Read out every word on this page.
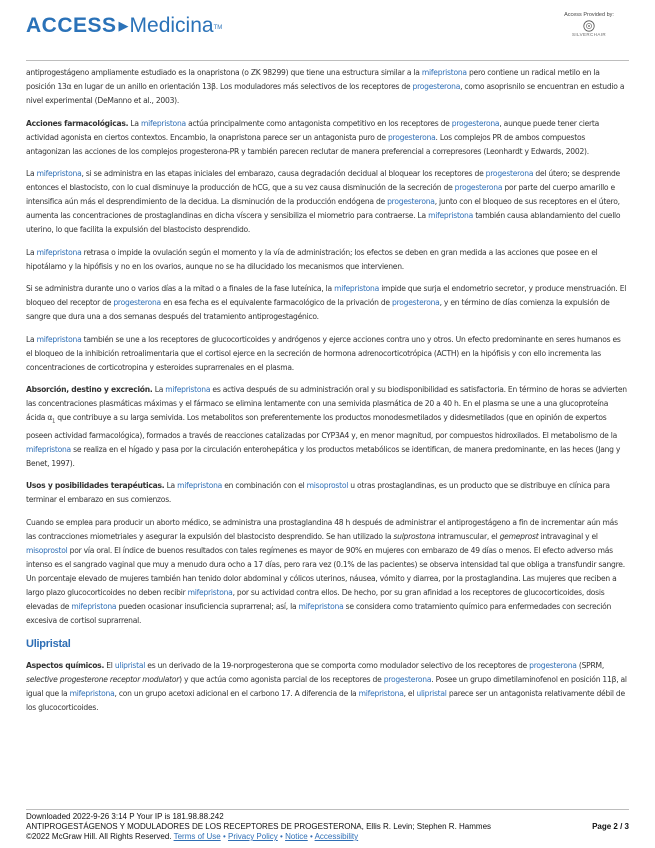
ACCESS ▶MedicinaTM
Access Provided by:
SILVERCHAIR

antiprogestágeno ampliamente estudiado es la onapristona (o ZK 98299) que tiene una estructura similar a la mifepristona pero contiene un radical metilo en la posición 13α en lugar de un anillo en orientación 13β. Los moduladores más selectivos de los receptores de progesterona, como asoprisnilo se encuentran en estudio a nivel experimental (DeManno et al., 2003).

Acciones farmacológicas. La mifepristona actúa principalmente como antagonista competitivo en los receptores de progesterona, aunque puede tener cierta actividad agonista en ciertos contextos. Encambio, la onapristona parece ser un antagonista puro de progesterona. Los complejos PR de ambos compuestos antagonizan las acciones de los complejos progesterona-PR y también parecen reclutar de manera preferencial a correpresores (Leonhardt y Edwards, 2002).

La mifepristona, si se administra en las etapas iniciales del embarazo, causa degradación decidual al bloquear los receptores de progesterona del útero; se desprende entonces el blastocisto, con lo cual disminuye la producción de hCG, que a su vez causa disminución de la secreción de progesterona por parte del cuerpo amarillo e intensifica aún más el desprendimiento de la decidua. La disminución de la producción endógena de progesterona, junto con el bloqueo de sus receptores en el útero, aumenta las concentraciones de prostaglandinas en dicha víscera y sensibiliza el miometrio para contraerse. La mifepristona también causa ablandamiento del cuello uterino, lo que facilita la expulsión del blastocisto desprendido.

La mifepristona retrasa o impide la ovulación según el momento y la vía de administración; los efectos se deben en gran medida a las acciones que posee en el hipotálamo y la hipófisis y no en los ovarios, aunque no se ha dilucidado los mecanismos que intervienen.

Si se administra durante uno o varios días a la mitad o a finales de la fase luteínica, la mifepristona impide que surja el endometrio secretor, y produce menstruación. El bloqueo del receptor de progesterona en esa fecha es el equivalente farmacológico de la privación de progesterona, y en término de días comienza la expulsión de sangre que dura una a dos semanas después del tratamiento antiprogestagénico.

La mifepristona también se une a los receptores de glucocorticoides y andrógenos y ejerce acciones contra uno y otros. Un efecto predominante en seres humanos es el bloqueo de la inhibición retroalimentaria que el cortisol ejerce en la secreción de hormona adrenocorticotrópica (ACTH) en la hipófisis y con ello incrementa las concentraciones de corticotropina y esteroides suprarrenales en el plasma.

Absorción, destino y excreción. La mifepristona es activa después de su administración oral y su biodisponibilidad es satisfactoria. En término de horas se advierten las concentraciones plasmáticas máximas y el fármaco se elimina lentamente con una semivida plasmática de 20 a 40 h. En el plasma se une a una glucoproteína ácida $\alpha_1$ que contribuye a su larga semivida. Los metabolitos son preferentemente los productos monodesmetilados y didesmetilados (que en opinión de expertos poseen actividad farmacológica), formados a través de reacciones catalizadas por CYP3A4 y, en menor magnitud, por compuestos hidroxilados. El metabolismo de la mifepristona se realiza en el hígado y pasa por la circulación enterohepática y los productos metabólicos se identifican, de manera predominante, en las heces (Jang y Benet, 1997).

Usos y posibilidades terapéuticas. La mifepristona en combinación con el misoprostol u otras prostaglandinas, es un producto que se distribuye en clínica para terminar el embarazo en sus comienzos.

Cuando se emplea para producir un aborto médico, se administra una prostaglandina 48 h después de administrar el antiprogestágeno a fin de incrementar aún más las contracciones miometriales y asegurar la expulsión del blastocisto desprendido. Se han utilizado la sulprostona intramuscular, el gemeprost intravaginal y el misoprostol por vía oral. El índice de buenos resultados con tales regímenes es mayor de 90% en mujeres con embarazo de 49 días o menos. El efecto adverso más intenso es el sangrado vaginal que muy a menudo dura ocho a 17 días, pero rara vez (0.1% de las pacientes) se observa intensidad tal que obliga a transfundir sangre. Un porcentaje elevado de mujeres también han tenido dolor abdominal y cólicos uterinos, náusea, vómito y diarrea, por la prostaglandina. Las mujeres que reciben a largo plazo glucocorticoides no deben recibir mifepristona, por su actividad contra ellos. De hecho, por su gran afinidad a los receptores de glucocorticoides, dosis elevadas de mifepristona pueden ocasionar insuficiencia suprarrenal; así, la mifepristona se considera como tratamiento químico para enfermedades con secreción excesiva de cortisol suprarrenal.

Ulipristal

Aspectos químicos. El ulipristal es un derivado de la 19-norprogesterona que se comporta como modulador selectivo de los receptores de progesterona (SPRM, selective progesterone receptor modulator) y que actúa como agonista parcial de los receptores de progesterona. Posee un grupo dimetilaminofenol en posición 11β, al igual que la mifepristona, con un grupo acetoxi adicional en el carbono 17. A diferencia de la mifepristona, el ulipristal parece ser un antagonista relativamente débil de los glucocorticoides.

Downloaded 2022-9-26 3:14 P Your IP is 181.98.88.242
ANTIPROGESTÁGENOS Y MODULADORES DE LOS RECEPTORES DE PROGESTERONA, Ellis R. Levin; Stephen R. Hammes	Page 2 / 3
©2022 McGraw Hill. All Rights Reserved. Terms of Use • Privacy Policy • Notice • Accessibility
